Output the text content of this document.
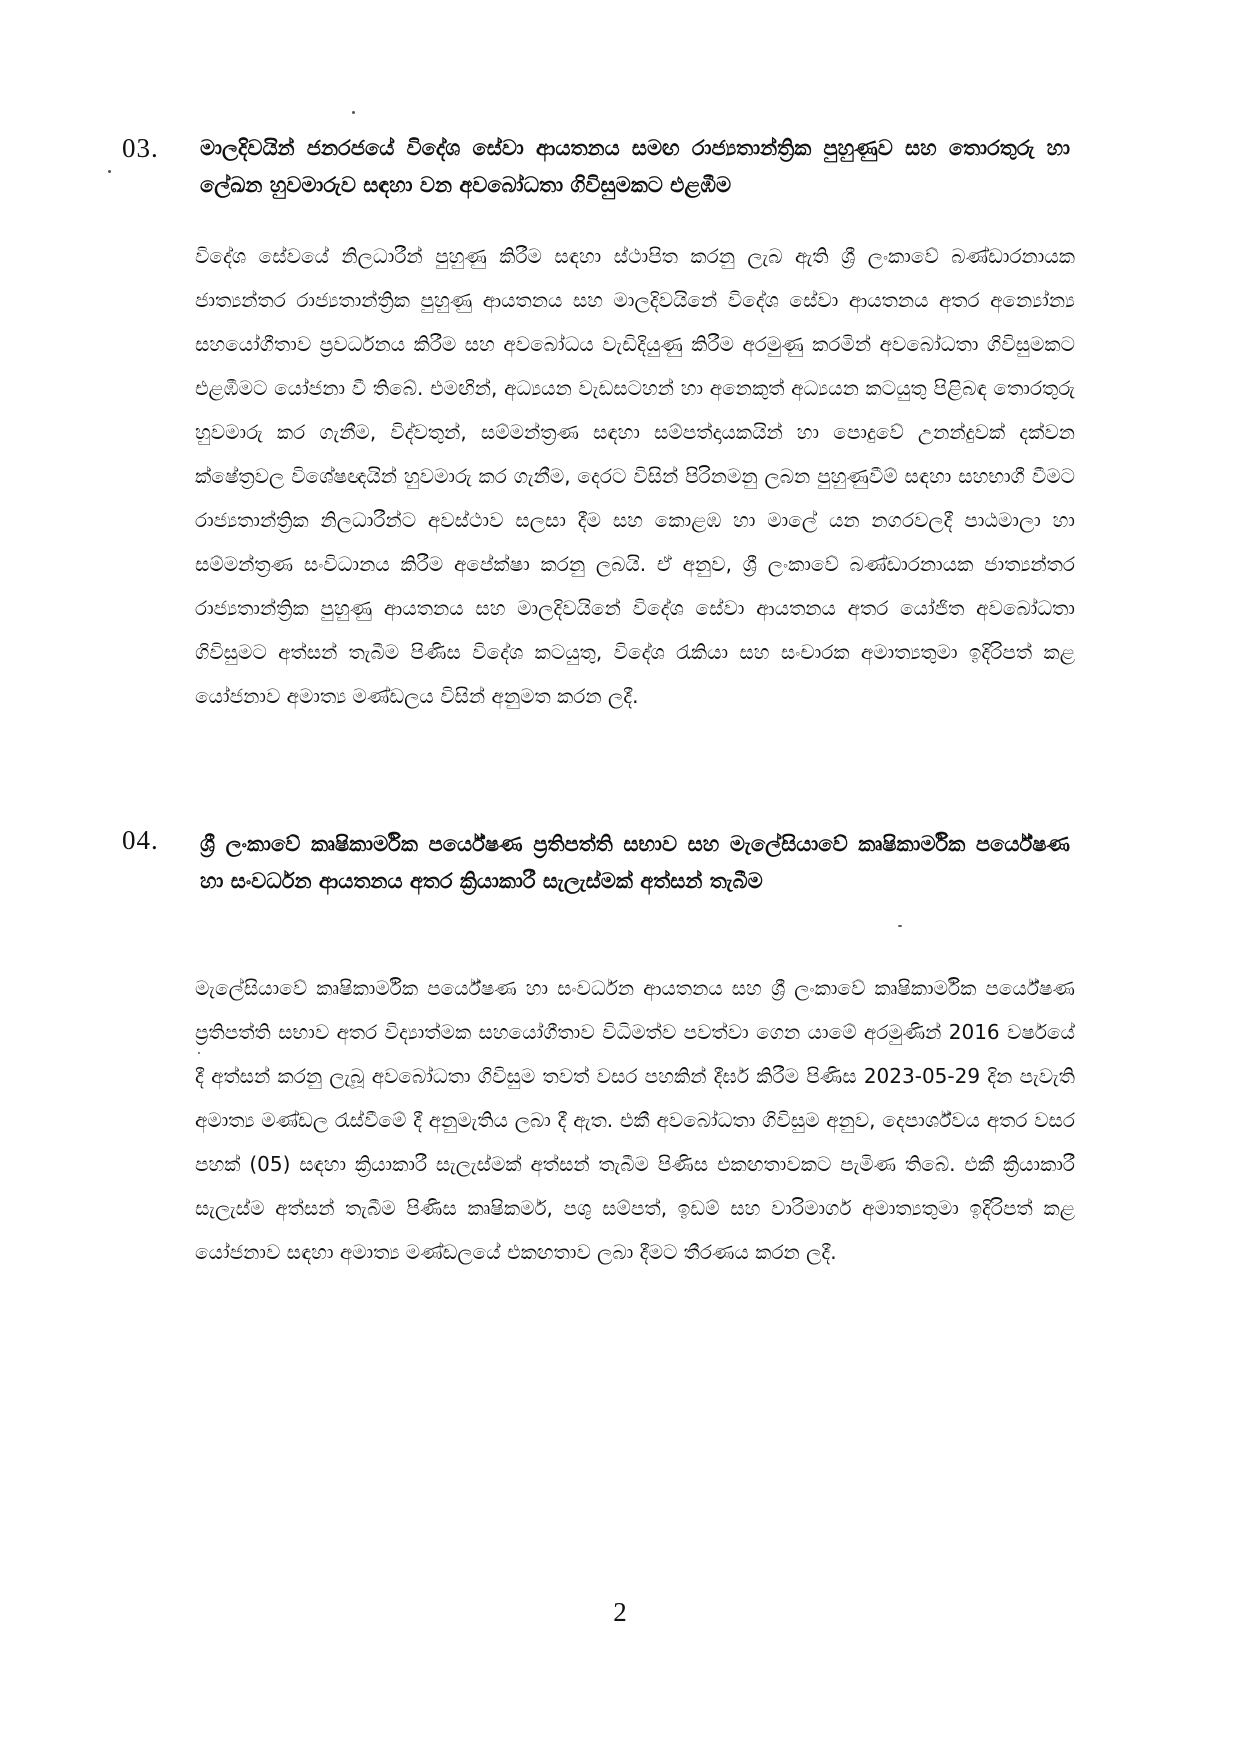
03. මාලදිවයින් ජනරජයේ විදේශ සේවා ආයතනය සමඟ රාජ්‍යතාන්ත්‍රික පුහුණුව සහ තොරතුරු හා ලේඛන හුවමාරුව සඳහා වන අවබෝධතා ගිවිසුමකට එළඹීම
විදේශ සේවයේ නිලධාරීන් පුහුණු කිරීම සඳහා ස්ථාපිත කරනු ලැබ ඇති ශ්‍රී ලංකාවේ බණ්ඩාරනායක ජාත්‍යන්තර රාජ්‍යතාන්ත්‍රික පුහුණු ආයතනය සහ මාලදිවයිනේ විදේශ සේවා ආයතනය අතර අන්‍යෝන්‍ය සහයෝගීතාව ප්‍රවර්ධනය කිරීම සහ අවබෝධය වැඩිදියුණු කිරීම අරමුණු කරමින් අවබෝධතා ගිවිසුමකට එළඹීමට යෝජනා වී තිබේ. එමඟින්, අධ්‍යයන වැඩසටහන් හා අනෙකුත් අධ්‍යයන කටයුතු පිළිබඳ තොරතුරු හුවමාරු කර ගැනීම, විද්වතුන්, සම්මන්ත්‍රණ සඳහා සම්පත්දායකයින් හා පොදුවේ උනන්දුවක් දක්වන ක්ෂේත්‍රවල විශේෂඥයින් හුවමාරු කර ගැනීම, දෙරට විසින් පිරිනමනු ලබන පුහුණුවීම් සඳහා සහභාගී වීමට රාජ්‍යතාන්ත්‍රික නිලධාරීන්ට අවස්ථාව සලසා දීම සහ කොළඹ හා මාලේ යන නගරවලදී පාඨමාලා හා සම්මන්ත්‍රණ සංවිධානය කිරීම අපේක්ෂා කරනු ලබයි. ඒ අනුව, ශ්‍රී ලංකාවේ බණ්ඩාරනායක ජාත්‍යන්තර රාජ්‍යතාන්ත්‍රික පුහුණු ආයතනය සහ මාලදිවයිනේ විදේශ සේවා ආයතනය අතර යෝජිත අවබෝධතා ගිවිසුමට අත්සන් තැබීම පිණිස විදේශ කටයුතු, විදේශ රැකියා සහ සංචාරක අමාත්‍යතුමා ඉදිරිපත් කළ යෝජනාව අමාත්‍ය මණ්ඩලය විසින් අනුමත කරන ලදී.
04. ශ්‍රී ලංකාවේ කෘෂිකාර්මික පර්යේෂණ ප්‍රතිපත්ති සභාව සහ මැලේසියාවේ කෘෂිකාර්මික පර්යේෂණ හා සංවර්ධන ආයතනය අතර ක්‍රියාකාරී සැලැස්මක් අත්සන් තැබීම
මැලේසියාවේ කෘෂිකාර්මික පර්යේෂණ හා සංවර්ධන ආයතනය සහ ශ්‍රී ලංකාවේ කෘෂිකාර්මික පර්යේෂණ ප්‍රතිපත්ති සභාව අතර විද්‍යාත්මක සහයෝගීතාව විධිමත්ව පවත්වා ගෙන යාමේ අරමුණින් 2016 වර්ෂයේ දී අත්සන් කරනු ලැබූ අවබෝධතා ගිවිසුම තවත් වසර පහකින් දීර්ඝ කිරීම පිණිස 2023-05-29 දින පැවැති අමාත්‍ය මණ්ඩල රැස්වීමේ දී අනුමැතිය ලබා දී ඇත. එකී අවබෝධතා ගිවිසුම අනුව, දෙපාර්ශ්වය අතර වසර පහක් (05) සඳහා ක්‍රියාකාරී සැලැස්මක් අත්සන් තැබීම පිණිස එකඟතාවකට පැමිණ තිබේ. එකී ක්‍රියාකාරී සැලැස්ම අත්සන් තැබීම පිණිස කෘෂිකර්ම, පශු සම්පත්, ඉඩම් සහ වාරිමාර්ග අමාත්‍යතුමා ඉදිරිපත් කළ යෝජනාව සඳහා අමාත්‍ය මණ්ඩලයේ එකඟතාව ලබා දීමට තීරණය කරන ලදී.
2
